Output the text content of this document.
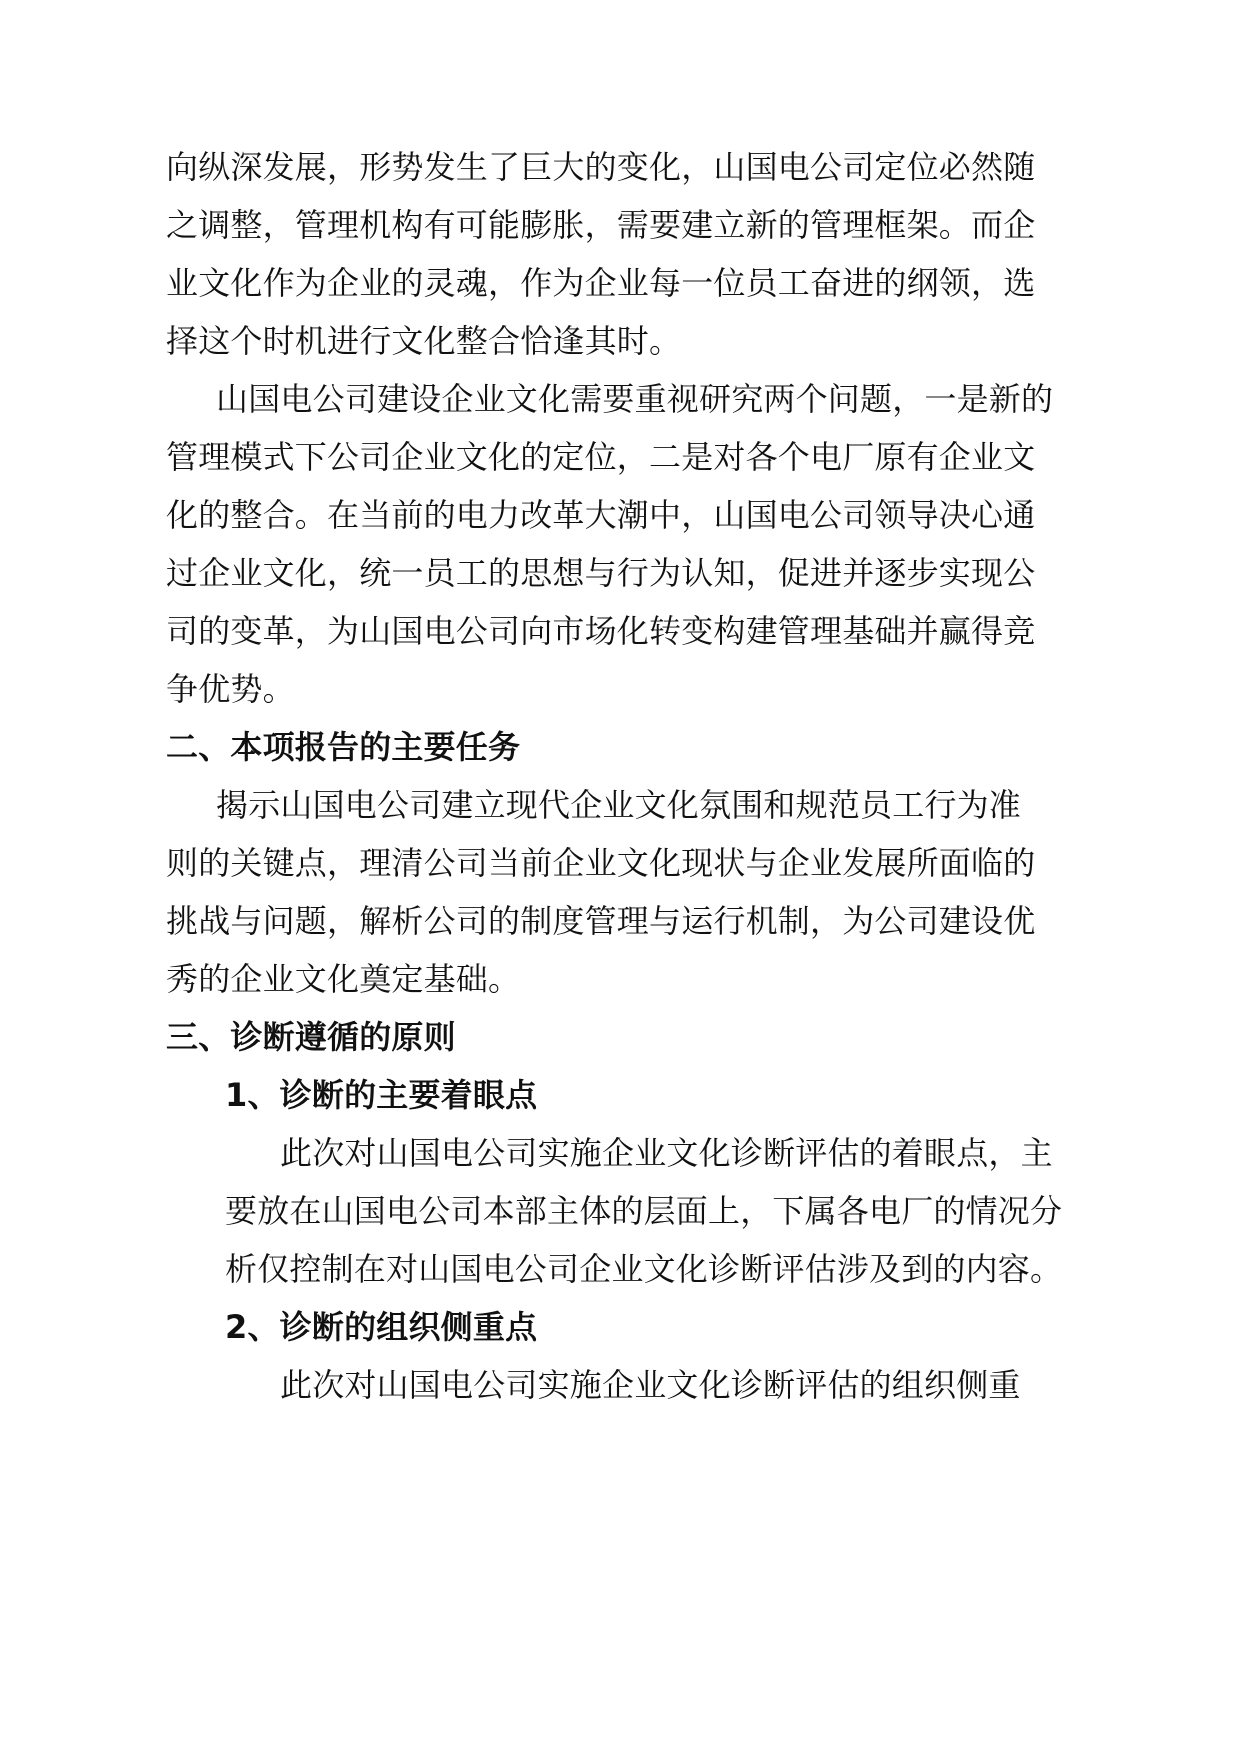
向纵深发展，形势发生了巨大的变化，山国电公司定位必然随
之调整，管理机构有可能膨胀，需要建立新的管理框架。而企
业文化作为企业的灵魂，作为企业每一位员工奋进的纲领，选
择这个时机进行文化整合恰逢其时。
山国电公司建设企业文化需要重视研究两个问题，一是新的
管理模式下公司企业文化的定位，二是对各个电厂原有企业文
化的整合。在当前的电力改革大潮中，山国电公司领导决心通
过企业文化，统一员工的思想与行为认知，促进并逐步实现公
司的变革，为山国电公司向市场化转变构建管理基础并赢得竞
争优势。
二、本项报告的主要任务
揭示山国电公司建立现代企业文化氛围和规范员工行为准
则的关键点，理清公司当前企业文化现状与企业发展所面临的
挑战与问题，解析公司的制度管理与运行机制，为公司建设优
秀的企业文化奠定基础。
三、诊断遵循的原则
1、诊断的主要着眼点
此次对山国电公司实施企业文化诊断评估的着眼点，主
要放在山国电公司本部主体的层面上，下属各电厂的情况分
析仅控制在对山国电公司企业文化诊断评估涉及到的内容。
2、诊断的组织侧重点
此次对山国电公司实施企业文化诊断评估的组织侧重
